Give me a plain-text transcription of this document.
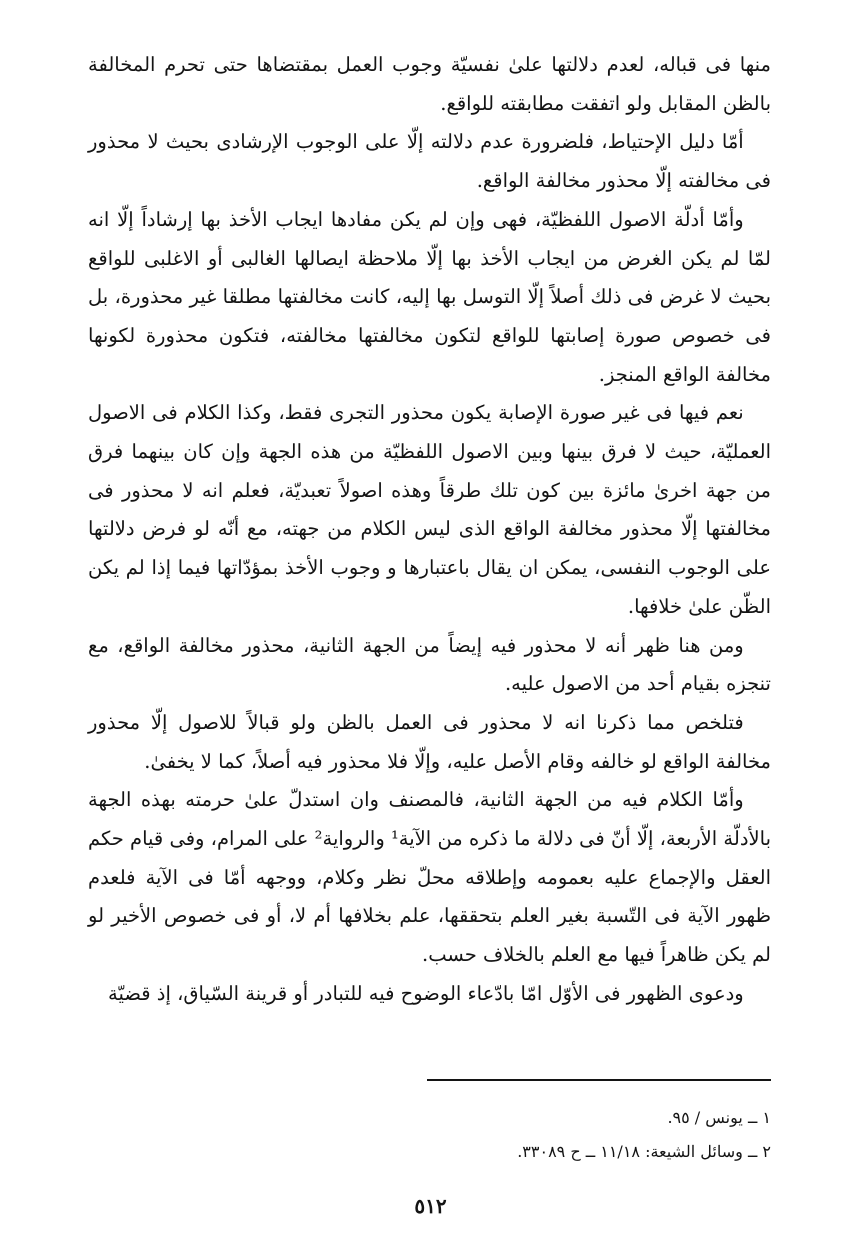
منها فى قباله، لعدم دلالتها علىٰ نفسيّة وجوب العمل بمقتضاها حتى تحرم المخالفة بالظن المقابل ولو اتفقت مطابقته للواقع.

أمّا دليل الإحتياط، فلضرورة عدم دلالته إلّا على الوجوب الإرشادى بحيث لا محذور فى مخالفته إلّا محذور مخالفة الواقع.

وأمّا أدلّة الاصول اللفظيّة، فهى وإن لم يكن مفادها ايجاب الأخذ بها إرشاداً إلّا انه لمّا لم يكن الغرض من ايجاب الأخذ بها إلّا ملاحظة ايصالها الغالبى أو الاغلبى للواقع بحيث لا غرض فى ذلك أصلاً إلّا التوسل بها إليه، كانت مخالفتها مطلقا غير محذورة، بل فى خصوص صورة إصابتها للواقع لتكون مخالفتها مخالفته، فتكون محذورة لكونها مخالفة الواقع المنجز.

نعم فيها فى غير صورة الإصابة يكون محذور التجرى فقط، وكذا الكلام فى الاصول العمليّة، حيث لا فرق بينها وبين الاصول اللفظيّة من هذه الجهة وإن كان بينهما فرق من جهة اخرىٰ مائزة بين كون تلك طرقاً وهذه اصولاً تعبديّة، فعلم انه لا محذور فى مخالفتها إلّا محذور مخالفة الواقع الذى ليس الكلام من جهته، مع أنّه لو فرض دلالتها على الوجوب النفسى، يمكن ان يقال باعتبارها و وجوب الأخذ بمؤدّاتها فيما إذا لم يكن الظّن علىٰ خلافها.

ومن هنا ظهر أنه لا محذور فيه إيضاً من الجهة الثانية، محذور مخالفة الواقع، مع تنجزه بقيام أحد من الاصول عليه.

فتلخص مما ذكرنا انه لا محذور فى العمل بالظن ولو قبالاً للاصول إلّا محذور مخالفة الواقع لو خالفه وقام الأصل عليه، وإلّا فلا محذور فيه أصلاً، كما لا يخفىٰ.

وأمّا الكلام فيه من الجهة الثانية، فالمصنف وان استدلّ علىٰ حرمته بهذه الجهة بالأدلّة الأربعة، إلّا أنّ فى دلالة ما ذكره من الآية¹ والرواية² على المرام، وفى قيام حكم العقل والإجماع عليه بعمومه وإطلاقه محلّ نظر وكلام، ووجهه أمّا فى الآية فلعدم ظهور الآية فى التّسبة بغير العلم بتحققها، علم بخلافها أم لا، أو فى خصوص الأخير لو لم يكن ظاهراً فيها مع العلم بالخلاف حسب.

ودعوى الظهور فى الأوّل امّا بادّعاء الوضوح فيه للتبادر أو قرينة السّياق، إذ قضيّة

١ ــ يونس / ٩٥.

٢ ــ وسائل الشيعة: ١١/١٨ ــ ح ٣٣٠٨٩.

٥١٢
